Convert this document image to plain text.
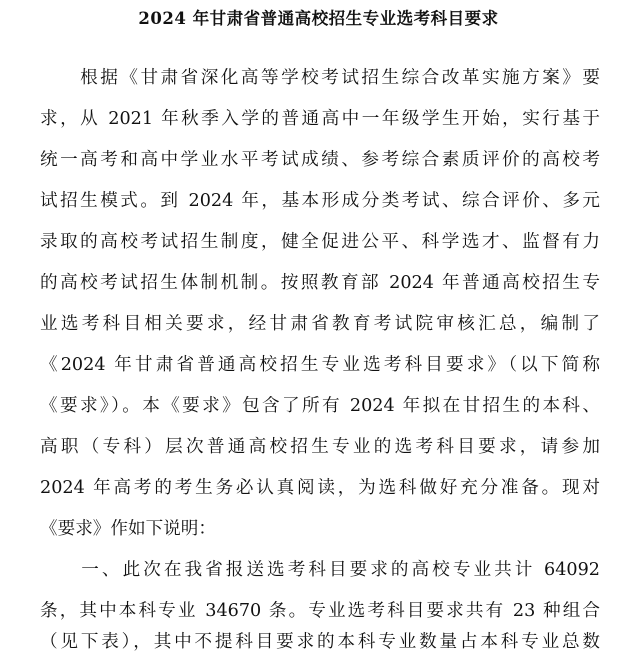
2024 年甘肃省普通高校招生专业选考科目要求
　　根据《甘肃省深化高等学校考试招生综合改革实施方案》要
求，从 2021 年秋季入学的普通高中一年级学生开始，实行基于
统一高考和高中学业水平考试成绩、参考综合素质评价的高校考
试招生模式。到 2024 年，基本形成分类考试、综合评价、多元
录取的高校考试招生制度，健全促进公平、科学选才、监督有力
的高校考试招生体制机制。按照教育部 2024 年普通高校招生专
业选考科目相关要求，经甘肃省教育考试院审核汇总，编制了
《2024 年甘肃省普通高校招生专业选考科目要求》（以下简称
《要求》）。本《要求》包含了所有 2024 年拟在甘招生的本科、
高职（专科）层次普通高校招生专业的选考科目要求，请参加
2024 年高考的考生务必认真阅读，为选科做好充分准备。现对
《要求》作如下说明：
　　一、此次在我省报送选考科目要求的高校专业共计 64092
条，其中本科专业 34670 条。专业选考科目要求共有 23 种组合
（见下表），其中不提科目要求的本科专业数量占本科专业总数
